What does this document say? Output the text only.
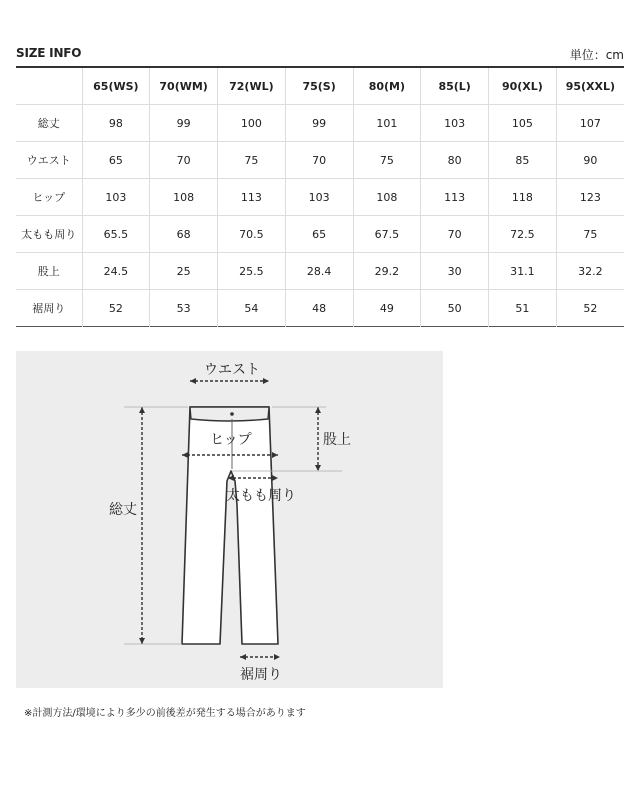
SIZE INFO	単位：cm
	65(WS)	70(WM)	72(WL)	75(S)	80(M)	85(L)	90(XL)	95(XXL)
総丈	98	99	100	99	101	103	105	107
ウエスト	65	70	75	70	75	80	85	90
ヒップ	103	108	113	103	108	113	118	123
太もも周り	65.5	68	70.5	65	67.5	70	72.5	75
股上	24.5	25	25.5	28.4	29.2	30	31.1	32.2
裾周り	52	53	54	48	49	50	51	52
ウエスト
ヒップ	股上
太もも周り
総丈
裾周り
※計測方法/環境により多少の前後差が発生する場合があります
